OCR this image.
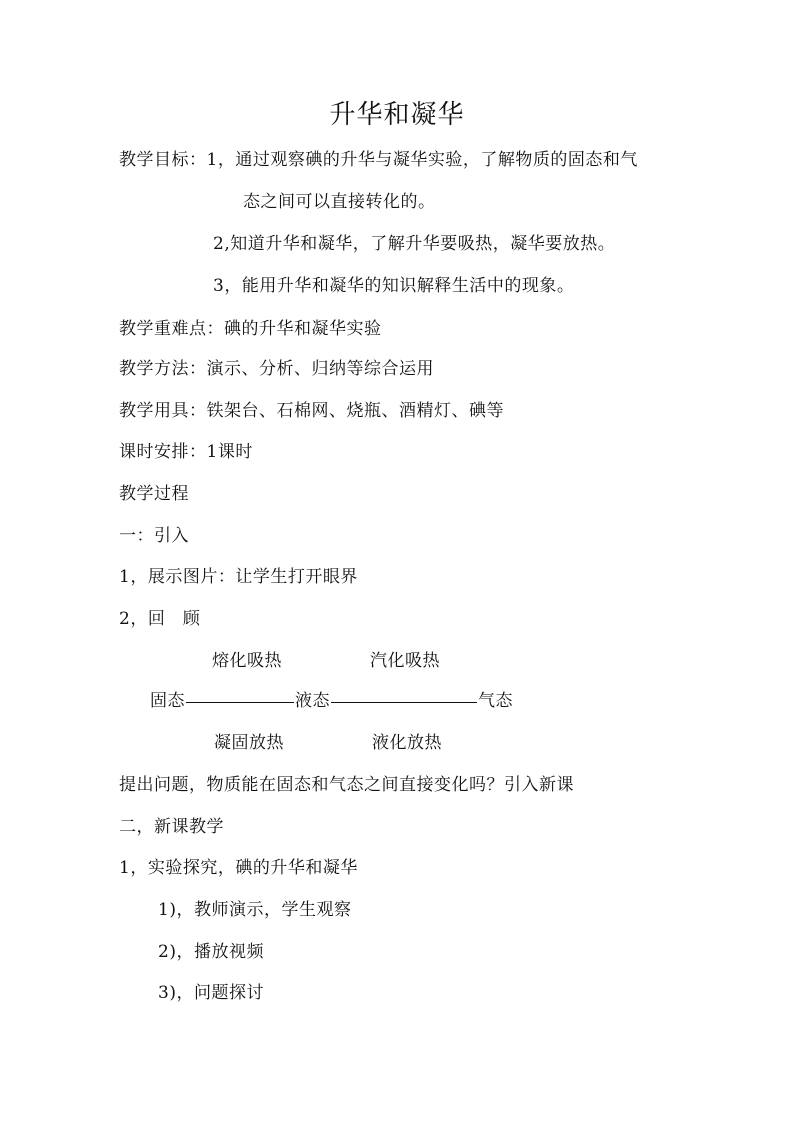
升华和凝华
教学目标：1，通过观察碘的升华与凝华实验，了解物质的固态和气
态之间可以直接转化的。
2,知道升华和凝华，了解升华要吸热，凝华要放热。
3，能用升华和凝华的知识解释生活中的现象。
教学重难点：碘的升华和凝华实验
教学方法：演示、分析、归纳等综合运用
教学用具：铁架台、石棉网、烧瓶、酒精灯、碘等
课时安排：1课时
教学过程
一：引入
1，展示图片：让学生打开眼界
2，回　顾
熔化吸热	汽化吸热
固态	液态	气态
凝固放热	液化放热
提出问题，物质能在固态和气态之间直接变化吗？引入新课
二，新课教学
1，实验探究，碘的升华和凝华
1)，教师演示，学生观察
2)，播放视频
3)，问题探讨
